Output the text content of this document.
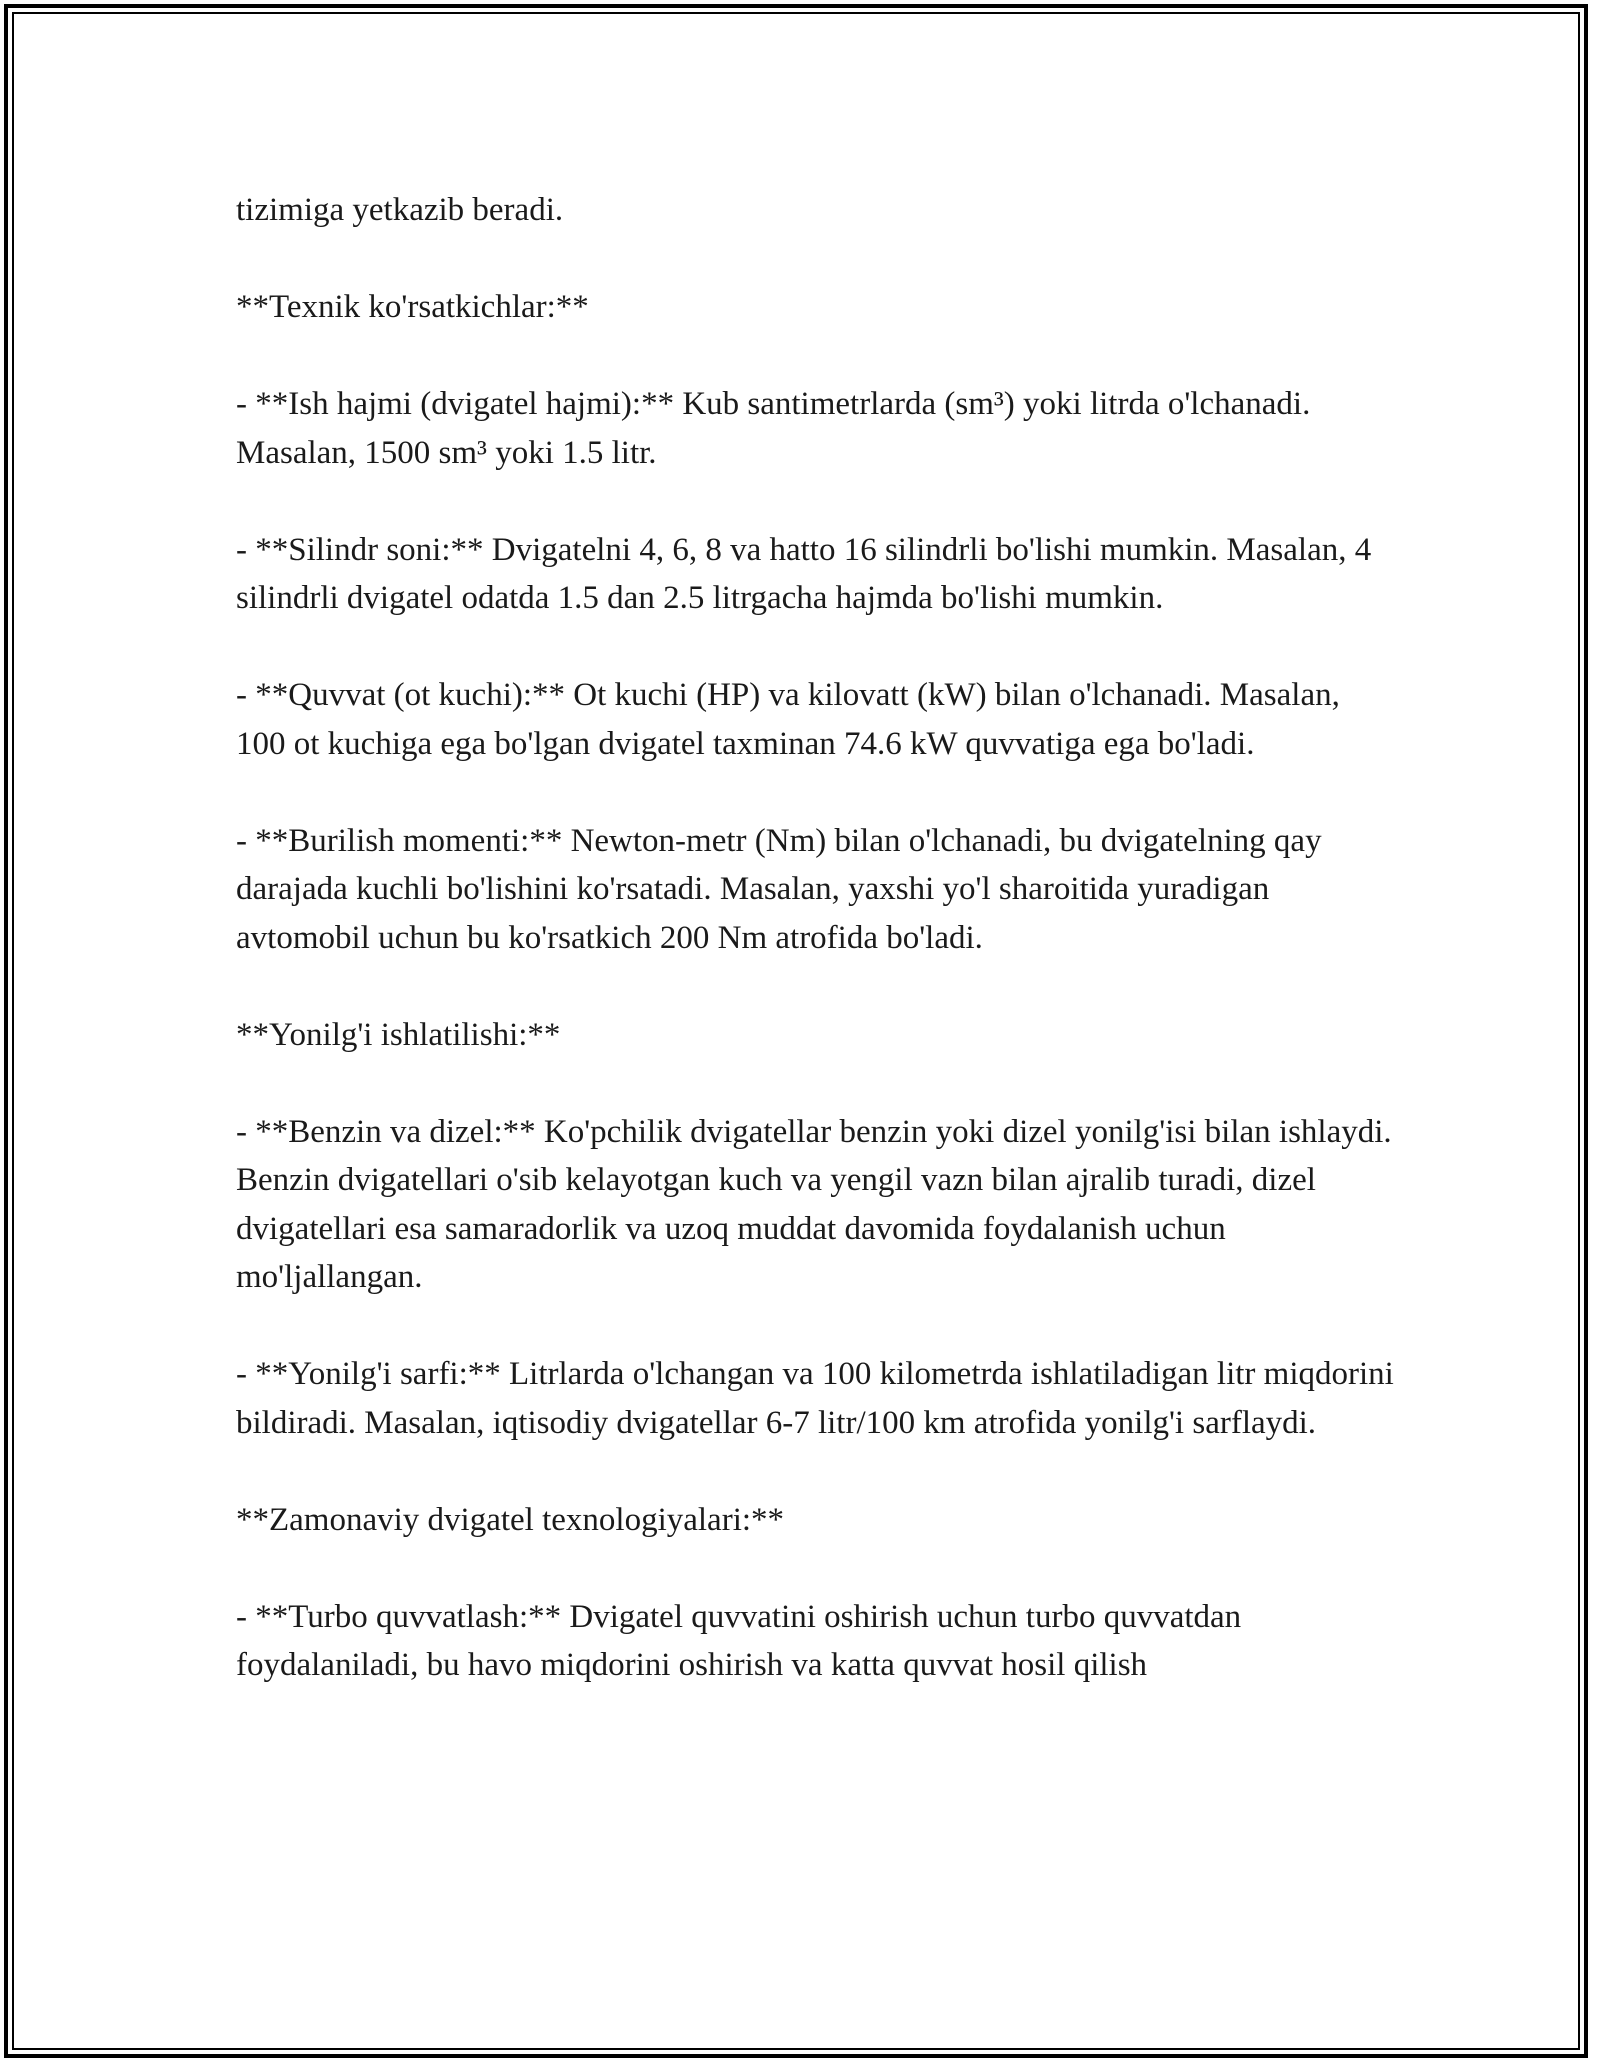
tizimiga yetkazib beradi.

**Texnik ko'rsatkichlar:**

- **Ish hajmi (dvigatel hajmi):** Kub santimetrlarda (sm³) yoki litrda o'lchanadi. Masalan, 1500 sm³ yoki 1.5 litr.

- **Silindr soni:** Dvigatelni 4, 6, 8 va hatto 16 silindrli bo'lishi mumkin. Masalan, 4 silindrli dvigatel odatda 1.5 dan 2.5 litrgacha hajmda bo'lishi mumkin.

- **Quvvat (ot kuchi):** Ot kuchi (HP) va kilovatt (kW) bilan o'lchanadi. Masalan, 100 ot kuchiga ega bo'lgan dvigatel taxminan 74.6 kW quvvatiga ega bo'ladi.

- **Burilish momenti:** Newton-metr (Nm) bilan o'lchanadi, bu dvigatelning qay darajada kuchli bo'lishini ko'rsatadi. Masalan, yaxshi yo'l sharoitida yuradigan avtomobil uchun bu ko'rsatkich 200 Nm atrofida bo'ladi.

**Yonilg'i ishlatilishi:**

- **Benzin va dizel:** Ko'pchilik dvigatellar benzin yoki dizel yonilg'isi bilan ishlaydi. Benzin dvigatellari o'sib kelayotgan kuch va yengil vazn bilan ajralib turadi, dizel dvigatellari esa samaradorlik va uzoq muddat davomida foydalanish uchun mo'ljallangan.

- **Yonilg'i sarfi:** Litrlarda o'lchangan va 100 kilometrda ishlatiladigan litr miqdorini bildiradi. Masalan, iqtisodiy dvigatellar 6-7 litr/100 km atrofida yonilg'i sarflaydi.

**Zamonaviy dvigatel texnologiyalari:**

- **Turbo quvvatlash:** Dvigatel quvvatini oshirish uchun turbo quvvatdan foydalaniladi, bu havo miqdorini oshirish va katta quvvat hosil qilish
